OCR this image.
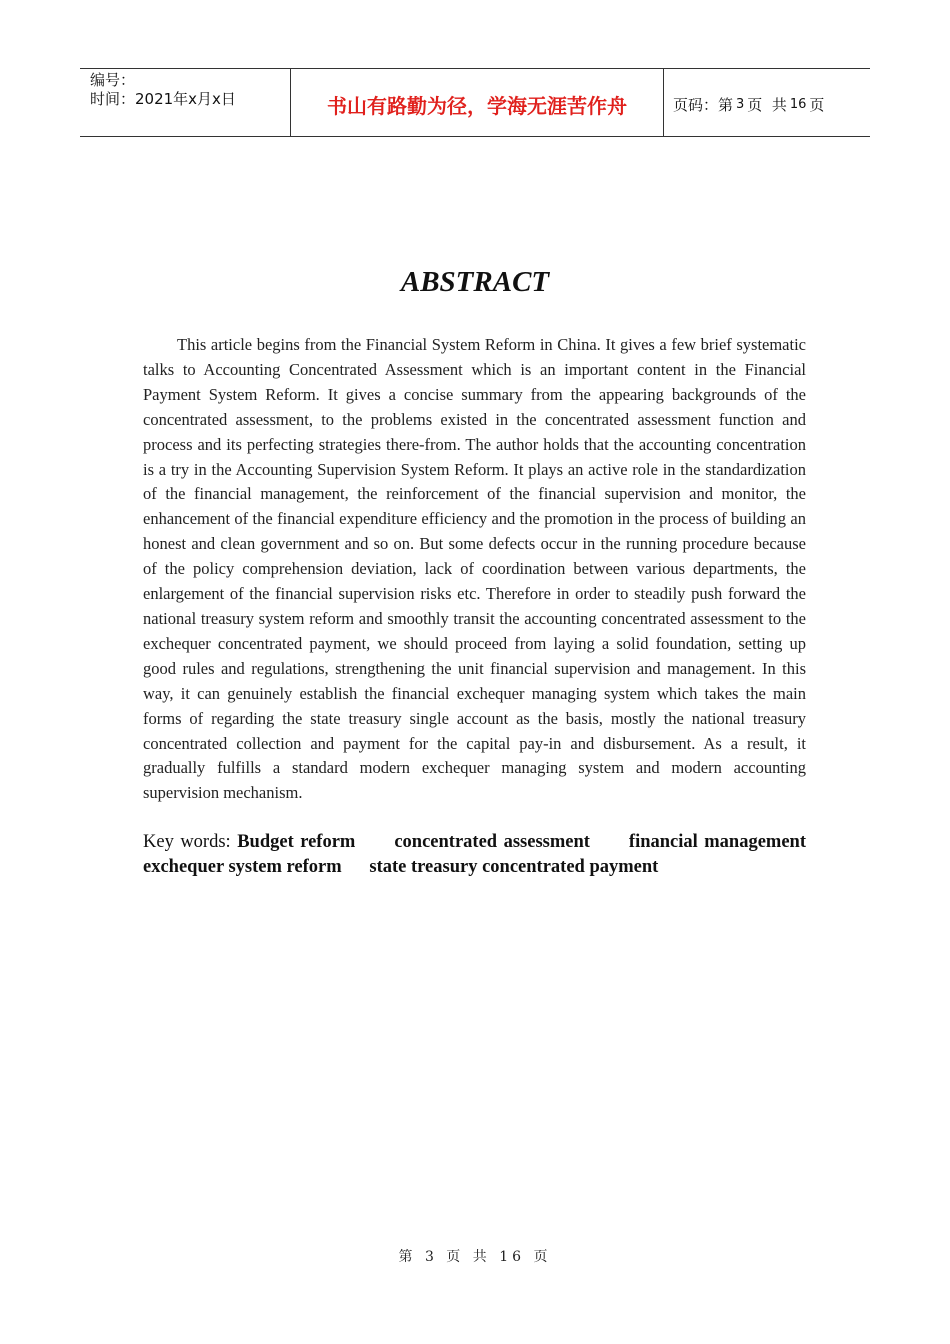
编号：
时间：2021年x月x日	书山有路勤为径，学海无涯苦作舟	页码：第 3 页  共 16 页
ABSTRACT

This article begins from the Financial System Reform in China. It gives a few brief systematic talks to Accounting Concentrated Assessment which is an important content in the Financial Payment System Reform. It gives a concise summary from the appearing backgrounds of the concentrated assessment, to the problems existed in the concentrated assessment function and process and its perfecting strategies there-from. The author holds that the accounting concentration is a try in the Accounting Supervision System Reform. It plays an active role in the standardization of the financial management, the reinforcement of the financial supervision and monitor, the enhancement of the financial expenditure efficiency and the promotion in the process of building an honest and clean government and so on. But some defects occur in the running procedure because of the policy comprehension deviation, lack of coordination between various departments, the enlargement of the financial supervision risks etc. Therefore in order to steadily push forward the national treasury system reform and smoothly transit the accounting concentrated assessment to the exchequer concentrated payment, we should proceed from laying a solid foundation, setting up good rules and regulations, strengthening the unit financial supervision and management. In this way, it can genuinely establish the financial exchequer managing system which takes the main forms of regarding the state treasury single account as the basis, mostly the national treasury concentrated collection and payment for the capital pay-in and disbursement. As a result, it gradually fulfills a standard modern exchequer managing system and modern accounting supervision mechanism.

Key words: Budget reform concentrated assessment financial management exchequer system reform state treasury concentrated payment
第 3 页 共 16 页
